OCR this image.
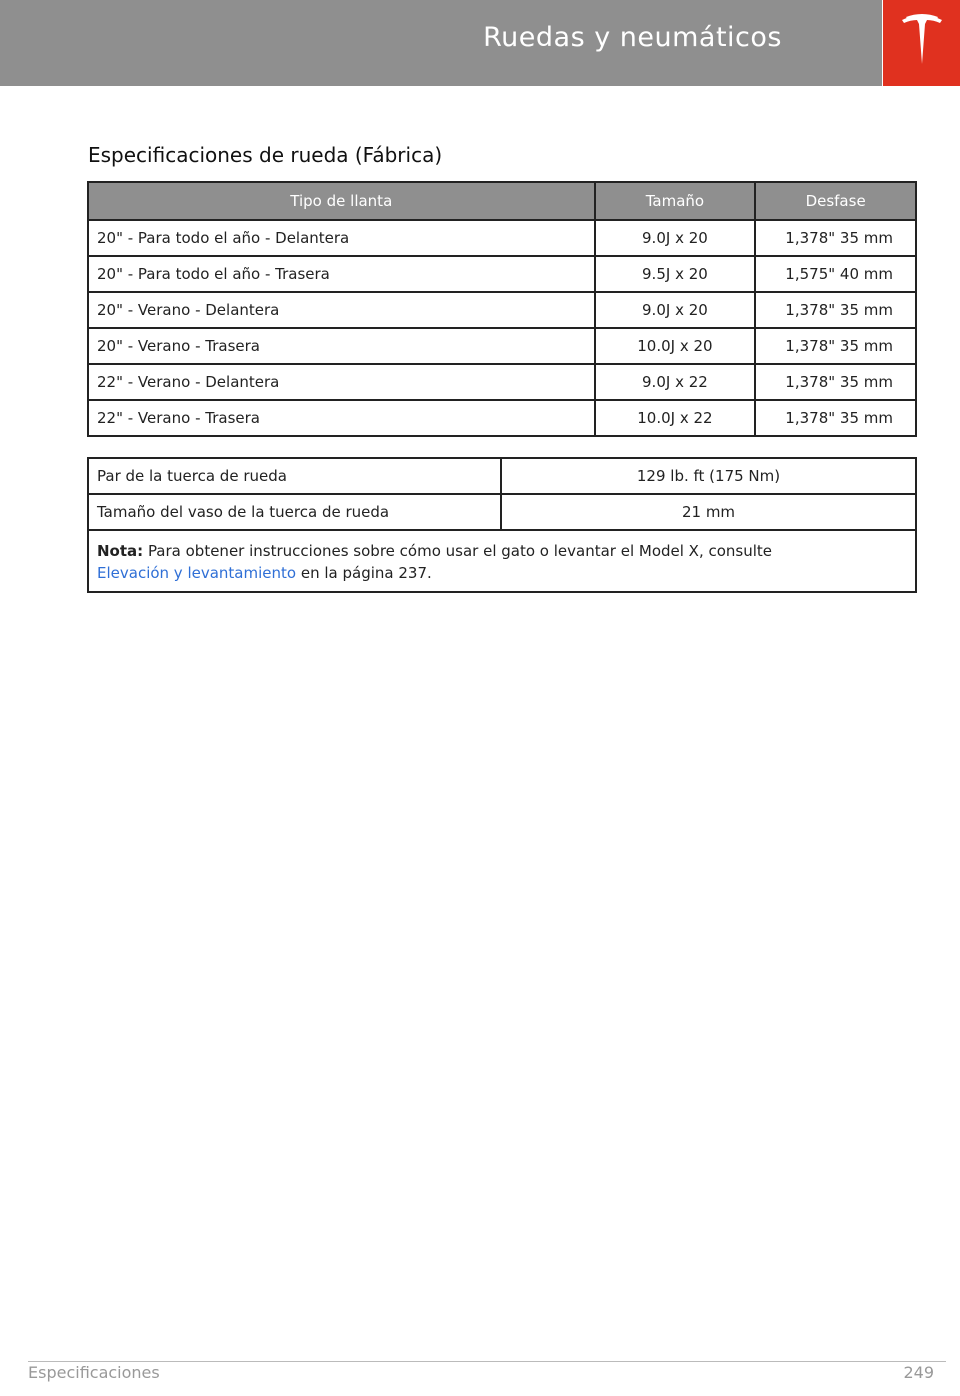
Ruedas y neumáticos
Especificaciones de rueda (Fábrica)
Tipo de llanta	Tamaño	Desfase
20" - Para todo el año - Delantera	9.0J x 20	1,378" 35 mm
20" - Para todo el año - Trasera	9.5J x 20	1,575" 40 mm
20" - Verano - Delantera	9.0J x 20	1,378" 35 mm
20" - Verano - Trasera	10.0J x 20	1,378" 35 mm
22" - Verano - Delantera	9.0J x 22	1,378" 35 mm
22" - Verano - Trasera	10.0J x 22	1,378" 35 mm
Par de la tuerca de rueda	129 lb. ft (175 Nm)
Tamaño del vaso de la tuerca de rueda	21 mm
Nota: Para obtener instrucciones sobre cómo usar el gato o levantar el Model X, consulte
Elevación y levantamiento en la página 237.	
Especificaciones	249
